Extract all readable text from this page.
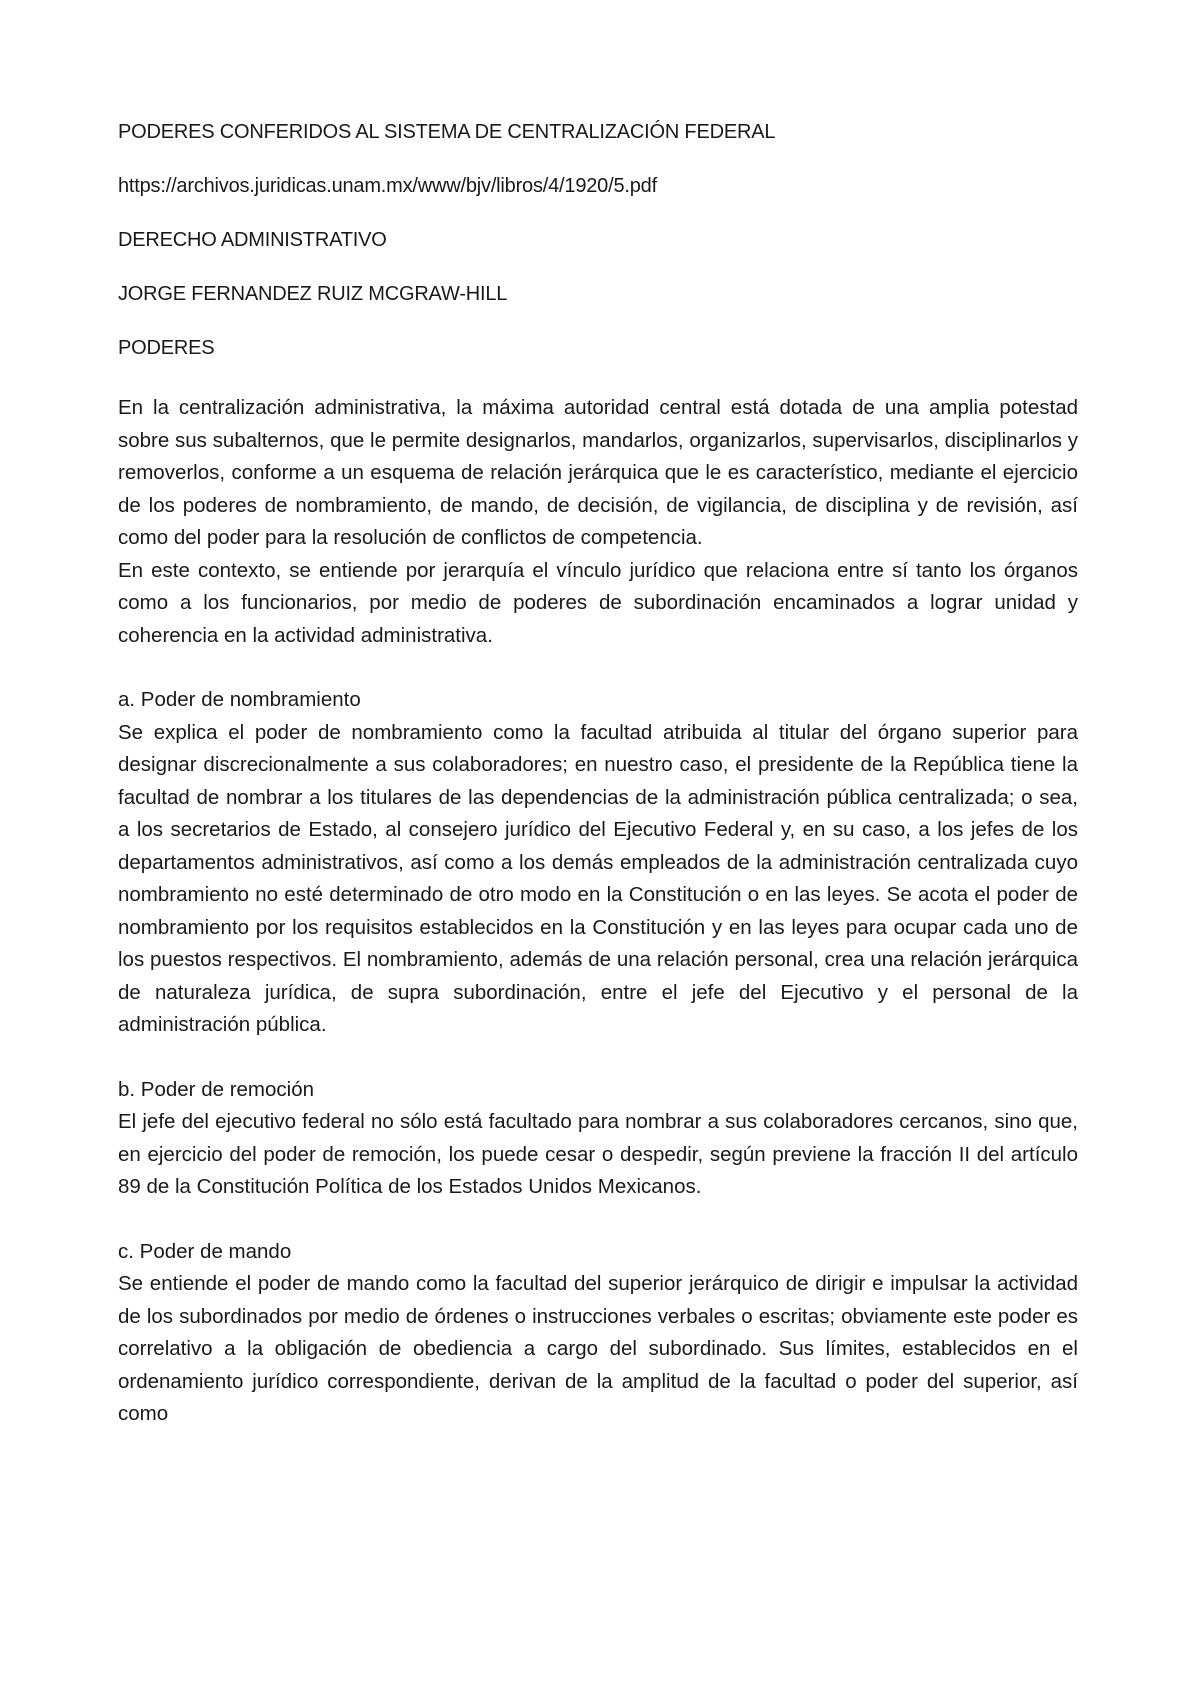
PODERES CONFERIDOS AL SISTEMA DE CENTRALIZACIÓN FEDERAL

https://archivos.juridicas.unam.mx/www/bjv/libros/4/1920/5.pdf

DERECHO ADMINISTRATIVO

JORGE FERNANDEZ RUIZ MCGRAW-HILL

PODERES

En la centralización administrativa, la máxima autoridad central está dotada de una amplia potestad sobre sus subalternos, que le permite designarlos, mandarlos, organizarlos, supervisarlos, disciplinarlos y removerlos, conforme a un esquema de relación jerárquica que le es característico, mediante el ejercicio de los poderes de nombramiento, de mando, de decisión, de vigilancia, de disciplina y de revisión, así como del poder para la resolución de conflictos de competencia.

En este contexto, se entiende por jerarquía el vínculo jurídico que relaciona entre sí tanto los órganos como a los funcionarios, por medio de poderes de subordinación encaminados a lograr unidad y coherencia en la actividad administrativa.

a. Poder de nombramiento

Se explica el poder de nombramiento como la facultad atribuida al titular del órgano superior para designar discrecionalmente a sus colaboradores; en nuestro caso, el presidente de la República tiene la facultad de nombrar a los titulares de las dependencias de la administración pública centralizada; o sea, a los secretarios de Estado, al consejero jurídico del Ejecutivo Federal y, en su caso, a los jefes de los departamentos administrativos, así como a los demás empleados de la administración centralizada cuyo nombramiento no esté determinado de otro modo en la Constitución o en las leyes. Se acota el poder de nombramiento por los requisitos establecidos en la Constitución y en las leyes para ocupar cada uno de los puestos respectivos. El nombramiento, además de una relación personal, crea una relación jerárquica de naturaleza jurídica, de supra subordinación, entre el jefe del Ejecutivo y el personal de la administración pública.

b. Poder de remoción

El jefe del ejecutivo federal no sólo está facultado para nombrar a sus colaboradores cercanos, sino que, en ejercicio del poder de remoción, los puede cesar o despedir, según previene la fracción II del artículo 89 de la Constitución Política de los Estados Unidos Mexicanos.

c. Poder de mando

Se entiende el poder de mando como la facultad del superior jerárquico de dirigir e impulsar la actividad de los subordinados por medio de órdenes o instrucciones verbales o escritas; obviamente este poder es correlativo a la obligación de obediencia a cargo del subordinado. Sus límites, establecidos en el ordenamiento jurídico correspondiente, derivan de la amplitud de la facultad o poder del superior, así como
